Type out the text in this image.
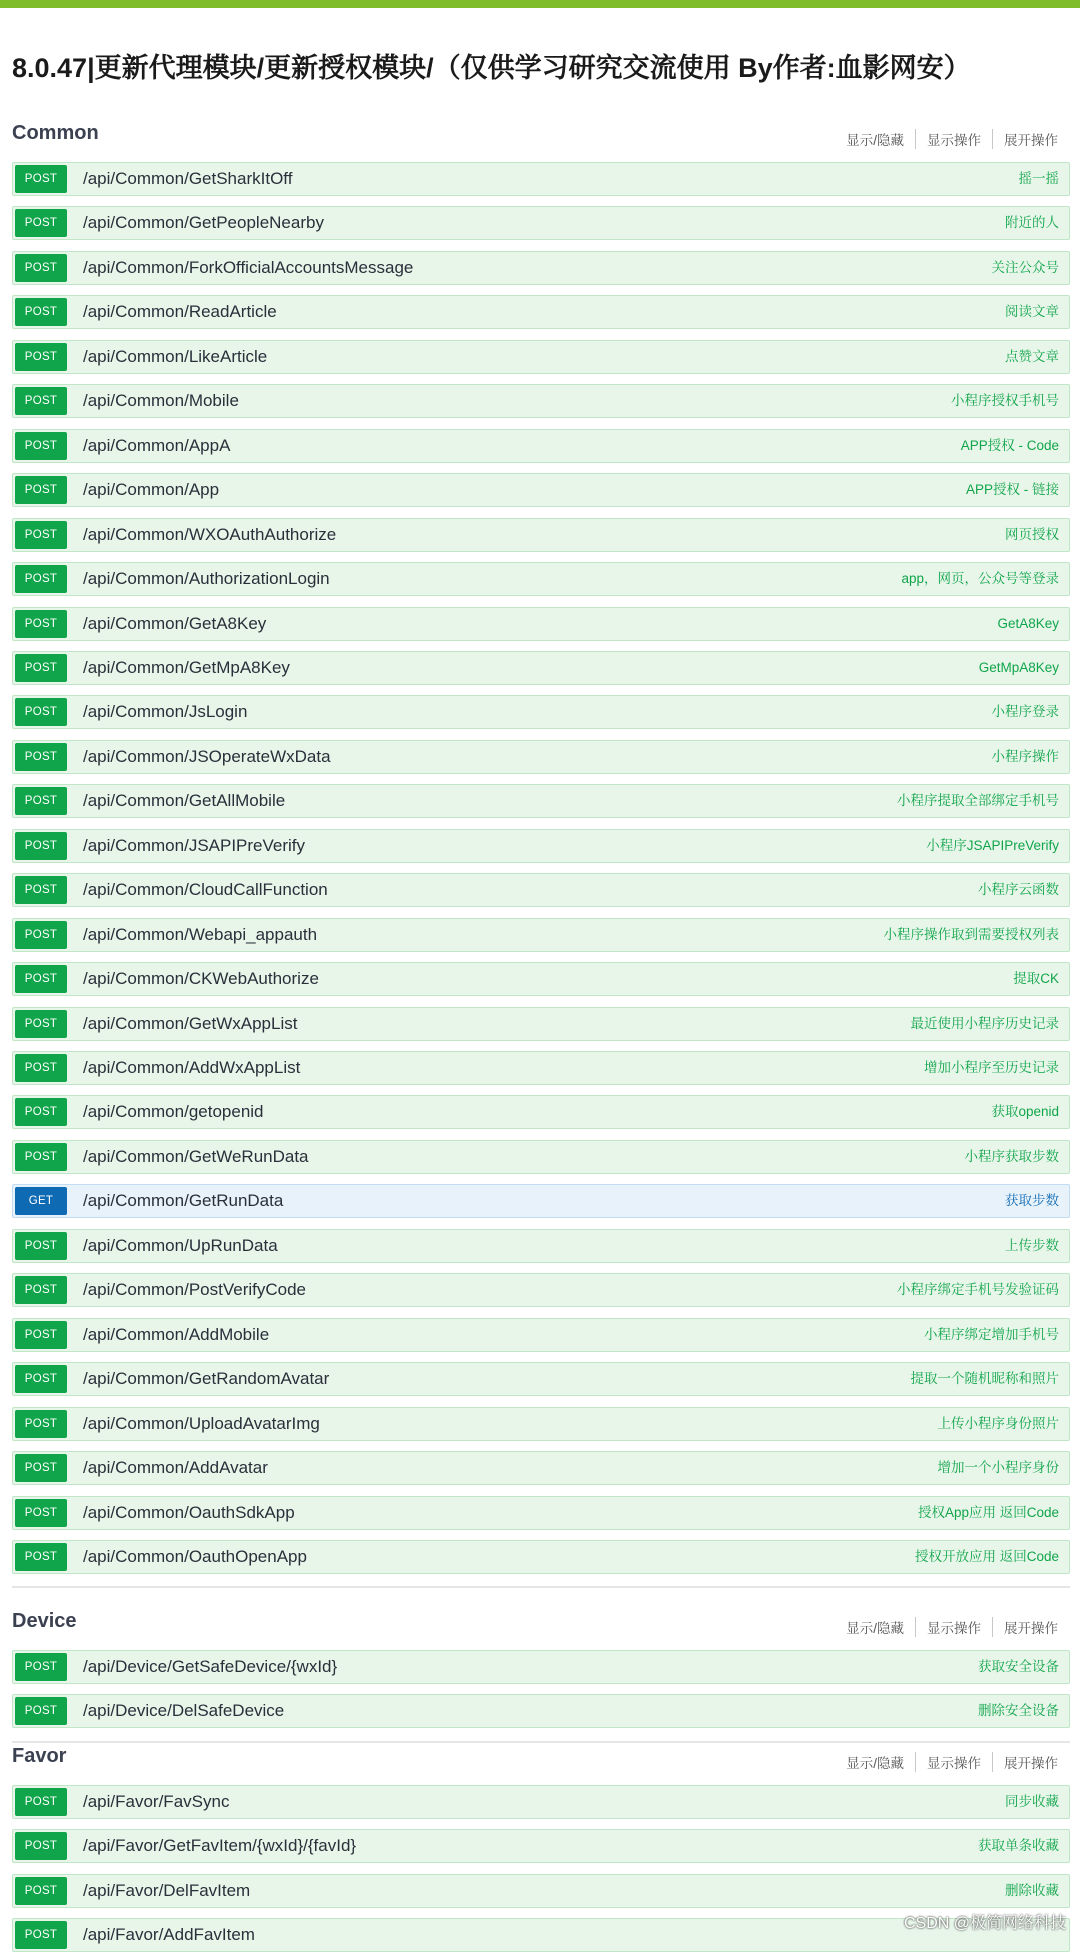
8.0.47|更新代理模块/更新授权模块/（仅供学习研究交流使用 By作者:血影网安）
Common	显示/隐藏	显示操作	展开操作
POST	/api/Common/GetSharkItOff	摇一摇
POST	/api/Common/GetPeopleNearby	附近的人
POST	/api/Common/ForkOfficialAccountsMessage	关注公众号
POST	/api/Common/ReadArticle	阅读文章
POST	/api/Common/LikeArticle	点赞文章
POST	/api/Common/Mobile	小程序授权手机号
POST	/api/Common/AppA	APP授权 - Code
POST	/api/Common/App	APP授权 - 链接
POST	/api/Common/WXOAuthAuthorize	网页授权
POST	/api/Common/AuthorizationLogin	app，网页，公众号等登录
POST	/api/Common/GetA8Key	GetA8Key
POST	/api/Common/GetMpA8Key	GetMpA8Key
POST	/api/Common/JsLogin	小程序登录
POST	/api/Common/JSOperateWxData	小程序操作
POST	/api/Common/GetAllMobile	小程序提取全部绑定手机号
POST	/api/Common/JSAPIPreVerify	小程序JSAPIPreVerify
POST	/api/Common/CloudCallFunction	小程序云函数
POST	/api/Common/Webapi_appauth	小程序操作取到需要授权列表
POST	/api/Common/CKWebAuthorize	提取CK
POST	/api/Common/GetWxAppList	最近使用小程序历史记录
POST	/api/Common/AddWxAppList	增加小程序至历史记录
POST	/api/Common/getopenid	获取openid
POST	/api/Common/GetWeRunData	小程序获取步数
GET	/api/Common/GetRunData	获取步数
POST	/api/Common/UpRunData	上传步数
POST	/api/Common/PostVerifyCode	小程序绑定手机号发验证码
POST	/api/Common/AddMobile	小程序绑定增加手机号
POST	/api/Common/GetRandomAvatar	提取一个随机昵称和照片
POST	/api/Common/UploadAvatarImg	上传小程序身份照片
POST	/api/Common/AddAvatar	增加一个小程序身份
POST	/api/Common/OauthSdkApp	授权App应用 返回Code
POST	/api/Common/OauthOpenApp	授权开放应用 返回Code
Device	显示/隐藏	显示操作	展开操作
POST	/api/Device/GetSafeDevice/{wxId}	获取安全设备
POST	/api/Device/DelSafeDevice	删除安全设备
Favor	显示/隐藏	显示操作	展开操作
POST	/api/Favor/FavSync	同步收藏
POST	/api/Favor/GetFavItem/{wxId}/{favId}	获取单条收藏
POST	/api/Favor/DelFavItem	删除收藏
POST	/api/Favor/AddFavItem
CSDN @极简网络科技
